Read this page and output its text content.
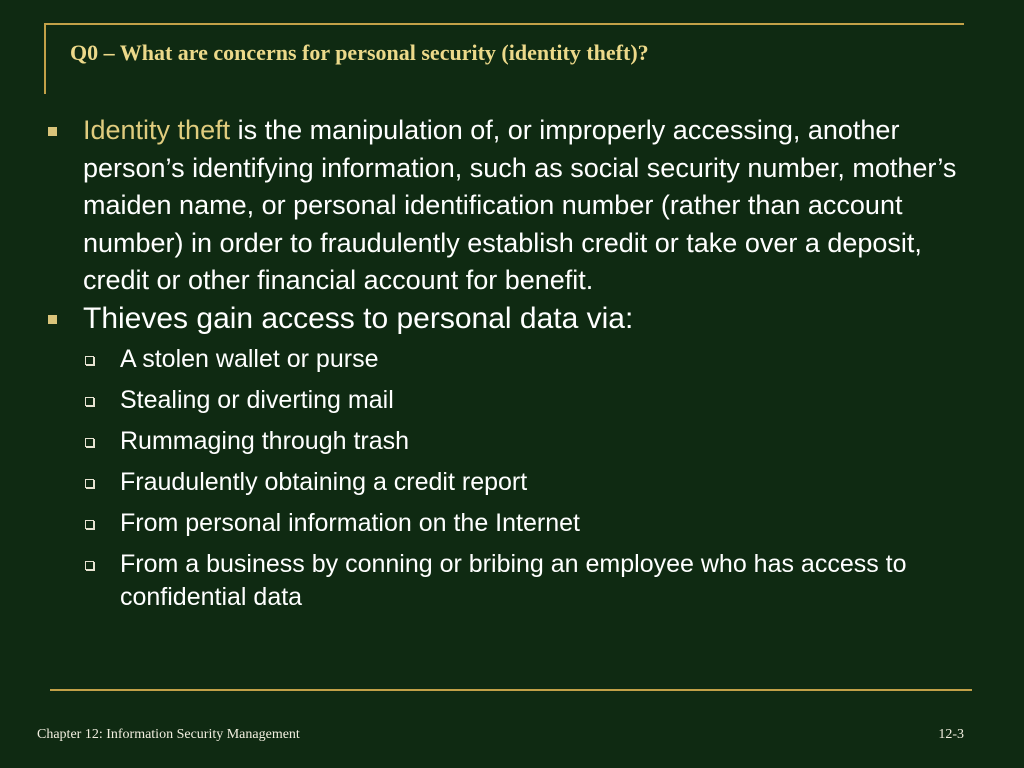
Q0 – What are concerns for personal security (identity theft)?
Identity theft is the manipulation of, or improperly accessing, another person’s identifying information, such as social security number, mother’s maiden name, or personal identification number (rather than account number) in order to fraudulently establish credit or take over a deposit, credit or other financial account for benefit.
Thieves gain access to personal data via:
A stolen wallet or purse
Stealing or diverting mail
Rummaging through trash
Fraudulently obtaining a credit report
From personal information on the Internet
From a business by conning or bribing an employee who has access to confidential data
Chapter 12: Information Security Management	12-3
